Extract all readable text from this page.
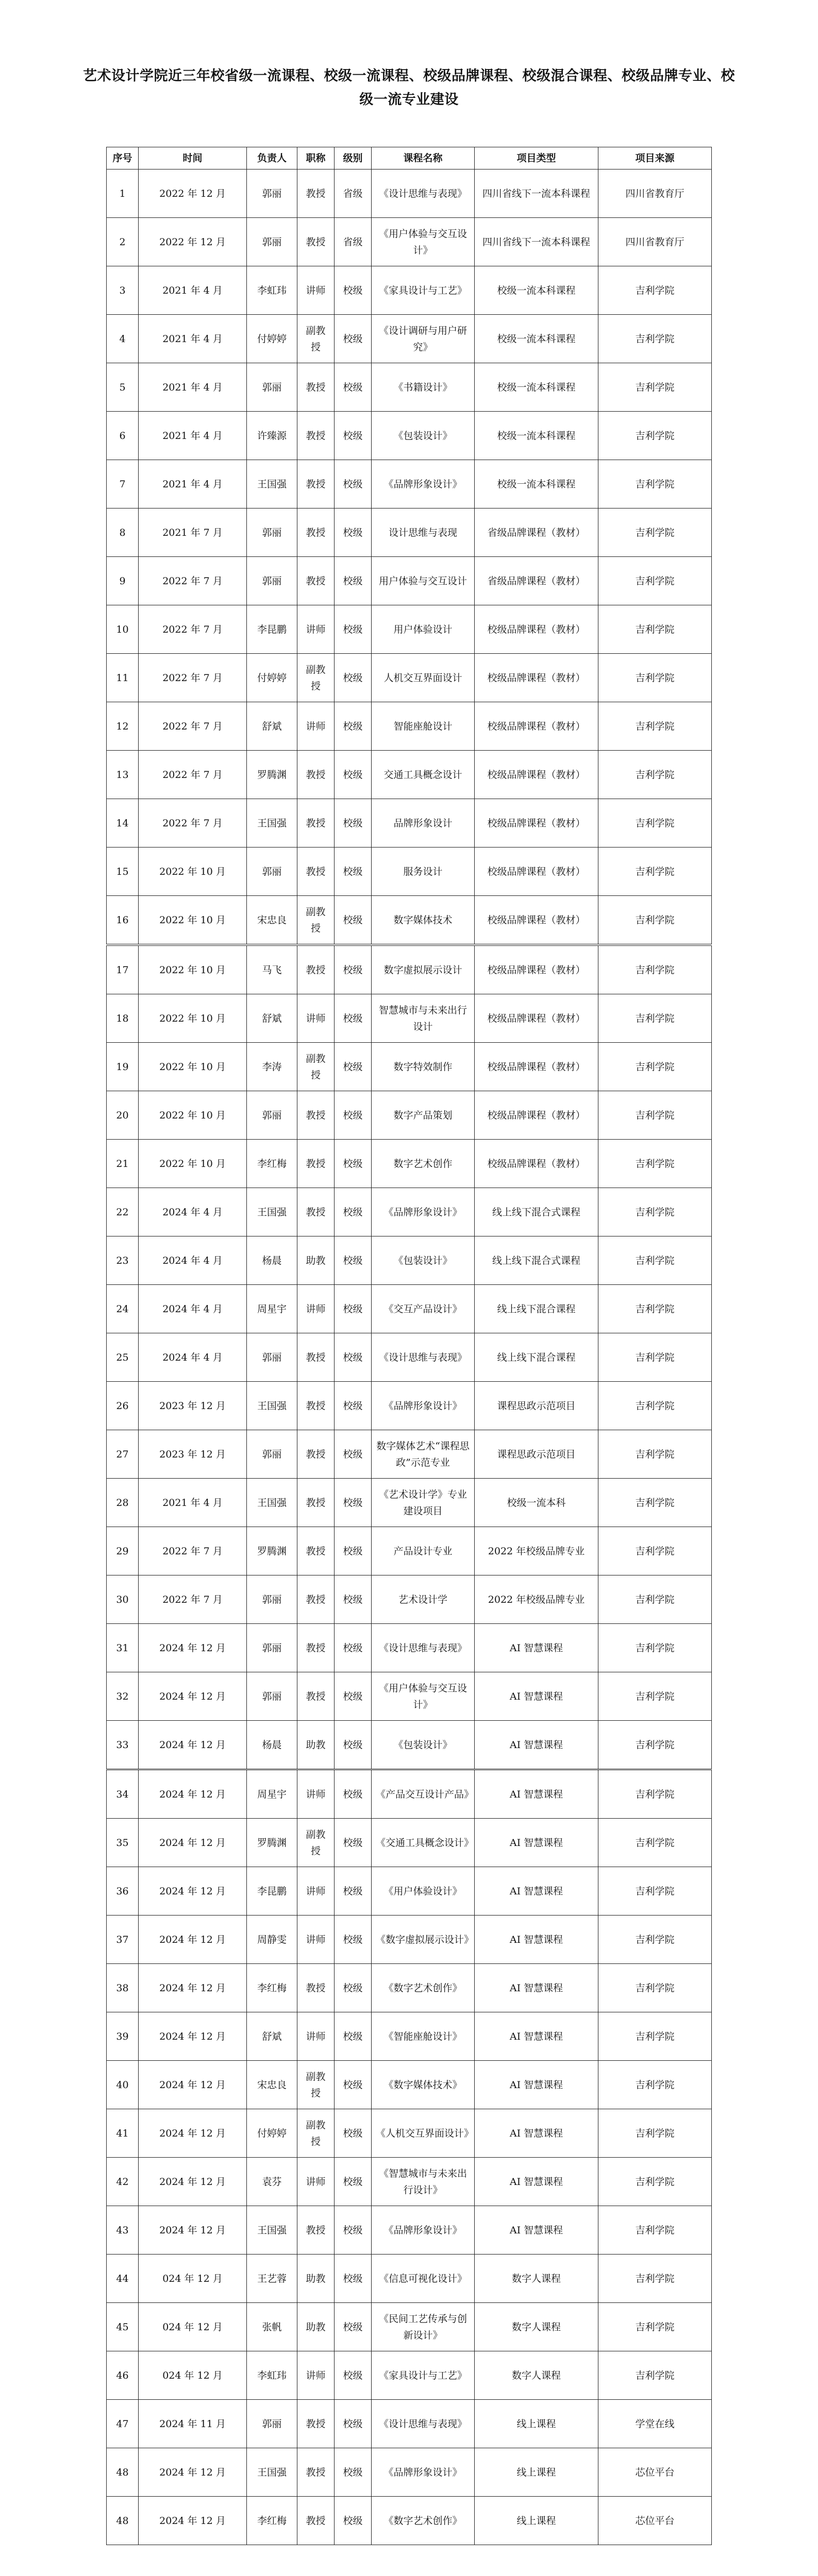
艺术设计学院近三年校省级一流课程、校级一流课程、校级品牌课程、校级混合课程、校级品牌专业、校级一流专业建设
序号	时间	负责人	职称	级别	课程名称	项目类型	项目来源
1	2022 年 12 月	郭丽	教授	省级	《设计思维与表现》	四川省线下一流本科课程	四川省教育厅
2	2022 年 12 月	郭丽	教授	省级	《用户体验与交互设计》	四川省线下一流本科课程	四川省教育厅
3	2021 年 4 月	李虹玮	讲师	校级	《家具设计与工艺》	校级一流本科课程	吉利学院
4	2021 年 4 月	付婷婷	副教授	校级	《设计调研与用户研究》	校级一流本科课程	吉利学院
5	2021 年 4 月	郭丽	教授	校级	《书籍设计》	校级一流本科课程	吉利学院
6	2021 年 4 月	许臻源	教授	校级	《包装设计》	校级一流本科课程	吉利学院
7	2021 年 4 月	王国强	教授	校级	《品牌形象设计》	校级一流本科课程	吉利学院
8	2021 年 7 月	郭丽	教授	校级	设计思维与表现	省级品牌课程（教材）	吉利学院
9	2022 年 7 月	郭丽	教授	校级	用户体验与交互设计	省级品牌课程（教材）	吉利学院
10	2022 年 7 月	李昆鹏	讲师	校级	用户体验设计	校级品牌课程（教材）	吉利学院
11	2022 年 7 月	付婷婷	副教授	校级	人机交互界面设计	校级品牌课程（教材）	吉利学院
12	2022 年 7 月	舒斌	讲师	校级	智能座舱设计	校级品牌课程（教材）	吉利学院
13	2022 年 7 月	罗腾渊	教授	校级	交通工具概念设计	校级品牌课程（教材）	吉利学院
14	2022 年 7 月	王国强	教授	校级	品牌形象设计	校级品牌课程（教材）	吉利学院
15	2022 年 10 月	郭丽	教授	校级	服务设计	校级品牌课程（教材）	吉利学院
16	2022 年 10 月	宋忠良	副教授	校级	数字媒体技术	校级品牌课程（教材）	吉利学院
17	2022 年 10 月	马飞	教授	校级	数字虚拟展示设计	校级品牌课程（教材）	吉利学院
18	2022 年 10 月	舒斌	讲师	校级	智慧城市与未来出行设计	校级品牌课程（教材）	吉利学院
19	2022 年 10 月	李涛	副教授	校级	数字特效制作	校级品牌课程（教材）	吉利学院
20	2022 年 10 月	郭丽	教授	校级	数字产品策划	校级品牌课程（教材）	吉利学院
21	2022 年 10 月	李红梅	教授	校级	数字艺术创作	校级品牌课程（教材）	吉利学院
22	2024 年 4 月	王国强	教授	校级	《品牌形象设计》	线上线下混合式课程	吉利学院
23	2024 年 4 月	杨晨	助教	校级	《包装设计》	线上线下混合式课程	吉利学院
24	2024 年 4 月	周星宇	讲师	校级	《交互产品设计》	线上线下混合课程	吉利学院
25	2024 年 4 月	郭丽	教授	校级	《设计思维与表现》	线上线下混合课程	吉利学院
26	2023 年 12 月	王国强	教授	校级	《品牌形象设计》	课程思政示范项目	吉利学院
27	2023 年 12 月	郭丽	教授	校级	数字媒体艺术“课程思政”示范专业	课程思政示范项目	吉利学院
28	2021 年 4 月	王国强	教授	校级	《艺术设计学》专业建设项目	校级一流本科	吉利学院
29	2022 年 7 月	罗腾渊	教授	校级	产品设计专业	2022 年校级品牌专业	吉利学院
30	2022 年 7 月	郭丽	教授	校级	艺术设计学	2022 年校级品牌专业	吉利学院
31	2024 年 12 月	郭丽	教授	校级	《设计思维与表现》	AI 智慧课程	吉利学院
32	2024 年 12 月	郭丽	教授	校级	《用户体验与交互设计》	AI 智慧课程	吉利学院
33	2024 年 12 月	杨晨	助教	校级	《包装设计》	AI 智慧课程	吉利学院
34	2024 年 12 月	周星宇	讲师	校级	《产品交互设计产品》	AI 智慧课程	吉利学院
35	2024 年 12 月	罗腾渊	副教授	校级	《交通工具概念设计》	AI 智慧课程	吉利学院
36	2024 年 12 月	李昆鹏	讲师	校级	《用户体验设计》	AI 智慧课程	吉利学院
37	2024 年 12 月	周静雯	讲师	校级	《数字虚拟展示设计》	AI 智慧课程	吉利学院
38	2024 年 12 月	李红梅	教授	校级	《数字艺术创作》	AI 智慧课程	吉利学院
39	2024 年 12 月	舒斌	讲师	校级	《智能座舱设计》	AI 智慧课程	吉利学院
40	2024 年 12 月	宋忠良	副教授	校级	《数字媒体技术》	AI 智慧课程	吉利学院
41	2024 年 12 月	付婷婷	副教授	校级	《人机交互界面设计》	AI 智慧课程	吉利学院
42	2024 年 12 月	袁芬	讲师	校级	《智慧城市与未来出行设计》	AI 智慧课程	吉利学院
43	2024 年 12 月	王国强	教授	校级	《品牌形象设计》	AI 智慧课程	吉利学院
44	024 年 12 月	王艺蓉	助教	校级	《信息可视化设计》	数字人课程	吉利学院
45	024 年 12 月	张帆	助教	校级	《民间工艺传承与创新设计》	数字人课程	吉利学院
46	024 年 12 月	李虹玮	讲师	校级	《家具设计与工艺》	数字人课程	吉利学院
47	2024 年 11 月	郭丽	教授	校级	《设计思维与表现》	线上课程	学堂在线
48	2024 年 12 月	王国强	教授	校级	《品牌形象设计》	线上课程	芯位平台
48	2024 年 12 月	李红梅	教授	校级	《数字艺术创作》	线上课程	芯位平台
